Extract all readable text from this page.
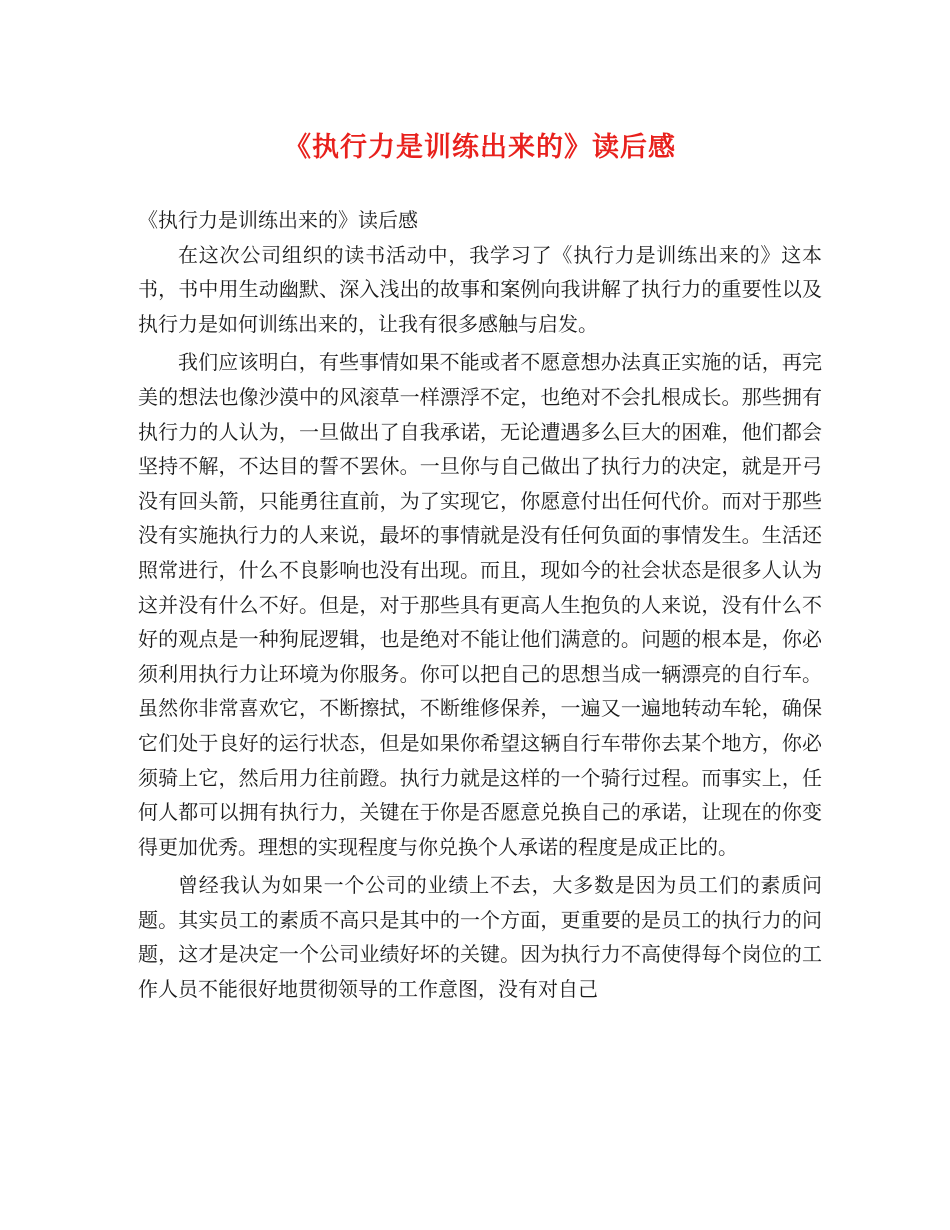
《执行力是训练出来的》读后感

《执行力是训练出来的》读后感

在这次公司组织的读书活动中，我学习了《执行力是训练出来的》这本书，书中用生动幽默、深入浅出的故事和案例向我讲解了执行力的重要性以及执行力是如何训练出来的，让我有很多感触与启发。

我们应该明白，有些事情如果不能或者不愿意想办法真正实施的话，再完美的想法也像沙漠中的风滚草一样漂浮不定，也绝对不会扎根成长。那些拥有执行力的人认为，一旦做出了自我承诺，无论遭遇多么巨大的困难，他们都会坚持不解，不达目的誓不罢休。一旦你与自己做出了执行力的决定，就是开弓没有回头箭，只能勇往直前，为了实现它，你愿意付出任何代价。而对于那些没有实施执行力的人来说，最坏的事情就是没有任何负面的事情发生。生活还照常进行，什么不良影响也没有出现。而且，现如今的社会状态是很多人认为这并没有什么不好。但是，对于那些具有更高人生抱负的人来说，没有什么不好的观点是一种狗屁逻辑，也是绝对不能让他们满意的。问题的根本是，你必须利用执行力让环境为你服务。你可以把自己的思想当成一辆漂亮的自行车。虽然你非常喜欢它，不断擦拭，不断维修保养，一遍又一遍地转动车轮，确保它们处于良好的运行状态，但是如果你希望这辆自行车带你去某个地方，你必须骑上它，然后用力往前蹬。执行力就是这样的一个骑行过程。而事实上，任何人都可以拥有执行力，关键在于你是否愿意兑换自己的承诺，让现在的你变得更加优秀。理想的实现程度与你兑换个人承诺的程度是成正比的。

曾经我认为如果一个公司的业绩上不去，大多数是因为员工们的素质问题。其实员工的素质不高只是其中的一个方面，更重要的是员工的执行力的问题，这才是决定一个公司业绩好坏的关键。因为执行力不高使得每个岗位的工作人员不能很好地贯彻领导的工作意图，没有对自己
